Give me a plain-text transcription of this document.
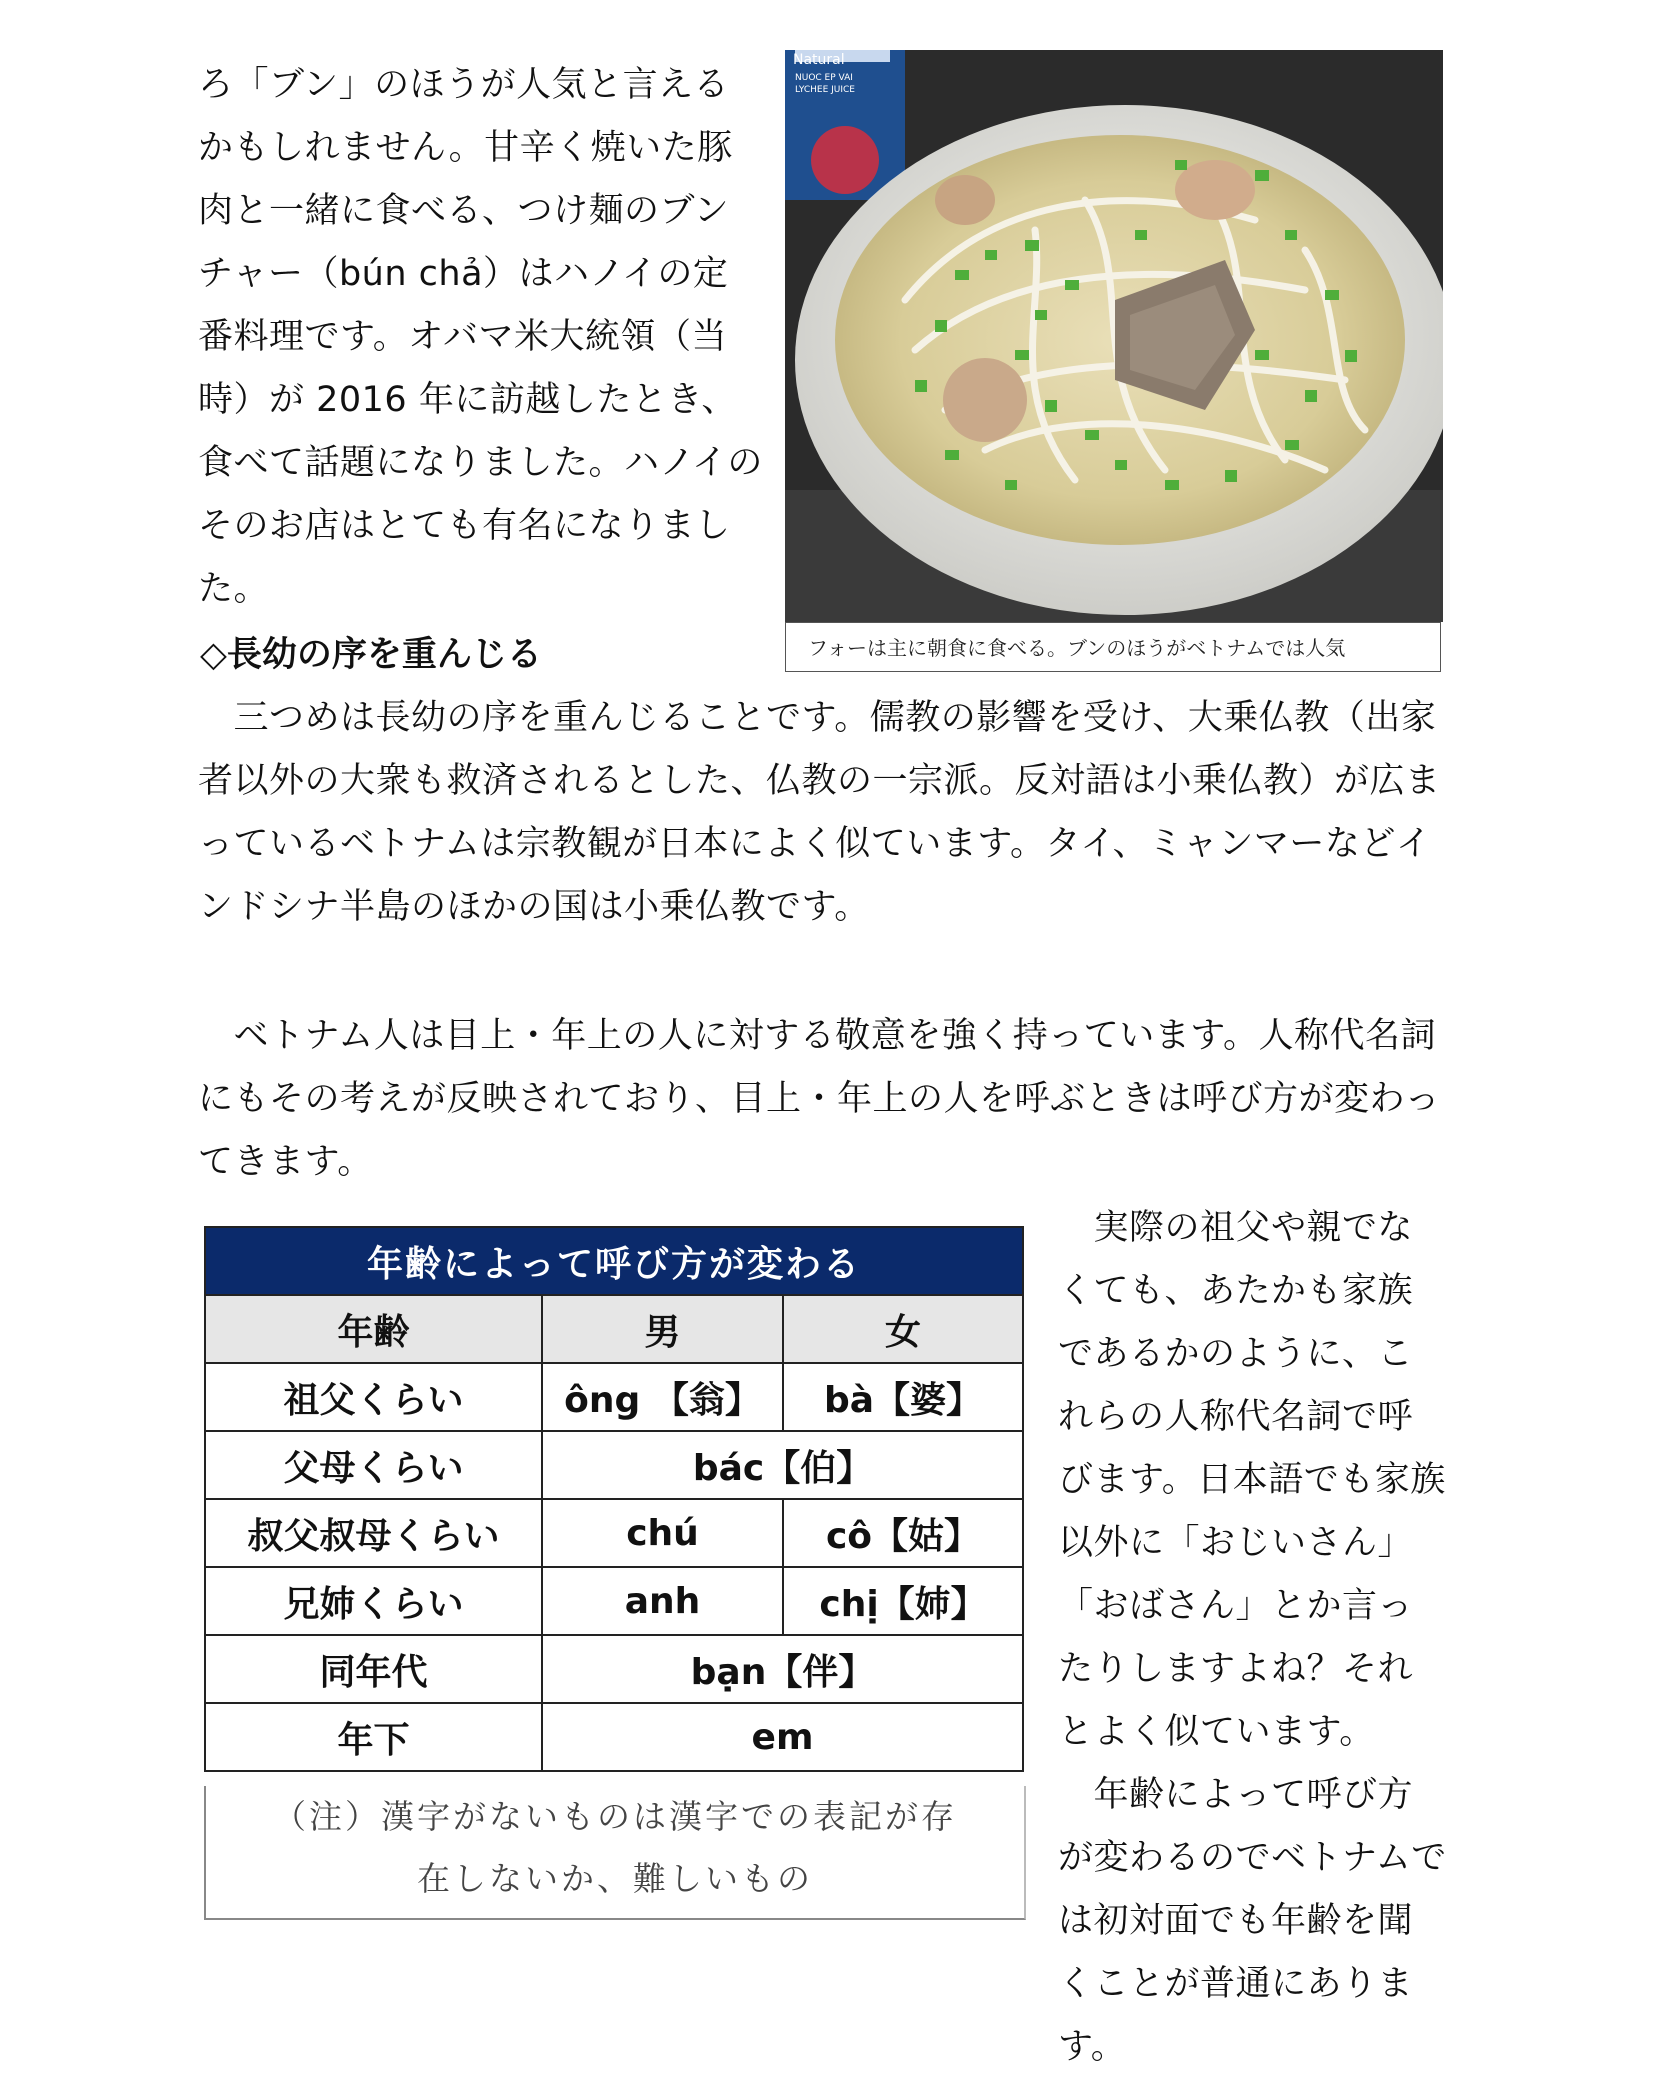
ろ「ブン」のほうが人気と言えるかもしれません。甘辛く焼いた豚肉と一緒に食べる、つけ麺のブンチャー（bún chả）はハノイの定番料理です。オバマ米大統領（当時）が 2016 年に訪越したとき、食べて話題になりました。ハノイのそのお店はとても有名になりました。
Natural
NUOC EP VAI
LYCHEE JUICE
フォーは主に朝食に食べる。ブンのほうがベトナムでは人気
◇長幼の序を重んじる
　三つめは長幼の序を重んじることです。儒教の影響を受け、大乗仏教（出家者以外の大衆も救済されるとした、仏教の一宗派。反対語は小乗仏教）が広まっているベトナムは宗教観が日本によく似ています。タイ、ミャンマーなどインドシナ半島のほかの国は小乗仏教です。
　ベトナム人は目上・年上の人に対する敬意を強く持っています。人称代名詞にもその考えが反映されており、目上・年上の人を呼ぶときは呼び方が変わってきます。
年齢によって呼び方が変わる		
年齢	男	女
祖父くらい	ông 【翁】	bà【婆】
父母くらい	bác【伯】	
叔父叔母くらい	chú	cô【姑】
兄姉くらい	anh	chị【姉】
同年代	bạn【伴】	
年下	em	
（注）漢字がないものは漢字での表記が存
在しないか、難しいもの
　実際の祖父や親でなくても、あたかも家族であるかのように、これらの人称代名詞で呼びます。日本語でも家族以外に「おじいさん」「おばさん」とか言ったりしますよね？それとよく似ています。
　年齢によって呼び方が変わるのでベトナムでは初対面でも年齢を聞くことが普通にあります。
